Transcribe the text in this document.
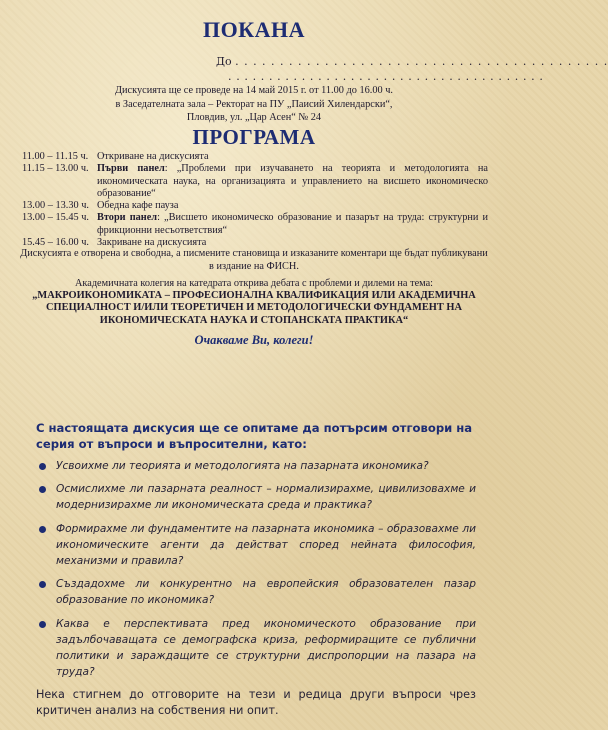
ПОКАНА
До . . . . . . . . . . . . . . . . . . . . . . . . . . . . . . . . . . . . . . . . . .
. . . . . . . . . . . . . . . . . . . . . . . . . . . . . . . . . . . . . . .
Дискусията ще се проведе на 14 май 2015 г. от 11.00 до 16.00 ч.
в Заседателната зала – Ректорат на ПУ „Паисий Хилендарски“,
Пловдив, ул. „Цар Асен“ № 24
ПРОГРАМА
11.00 – 11.15 ч. Откриване на дискусията
11.15 – 13.00 ч. Първи панел: „Проблеми при изучаването на теорията и методологията на икономическата наука, на организацията и управлението на висшето икономическо образование“
13.00 – 13.30 ч. Обедна кафе пауза
13.00 – 15.45 ч. Втори панел: „Висшето икономическо образование и пазарът на труда: структурни и фрикционни несъответствия“
15.45 – 16.00 ч. Закриване на дискусията
Дискусията е отворена и свободна, а писмените становища и изказаните коментари ще бъдат публикувани в издание на ФИСН.
Академичната колегия на катедрата открива дебата с проблеми и дилеми на тема:
„МАКРОИКОНОМИКАТА – ПРОФЕСИОНАЛНА КВАЛИФИКАЦИЯ ИЛИ АКАДЕМИЧНА СПЕЦИАЛНОСТ И/ИЛИ ТЕОРЕТИЧЕН И МЕТОДОЛОГИЧЕСКИ ФУНДАМЕНТ НА ИКОНОМИЧЕСКАТА НАУКА И СТОПАНСКАТА ПРАКТИКА“
Очакваме Ви, колеги!
С настоящата дискусия ще се опитаме да потърсим отговори на серия от въпроси и въпросителни, като:
Усвоихме ли теорията и методологията на пазарната икономика?
Осмислихме ли пазарната реалност – нормализирахме, цивилизовахме и модернизирахме ли икономическата среда и практика?
Формирахме ли фундаментите на пазарната икономика – образовахме ли икономическите агенти да действат според нейната философия, механизми и правила?
Създадохме ли конкурентно на европейския образователен пазар образование по икономика?
Каква е перспективата пред икономическото образование при задълбочаващата се демографска криза, реформиращите се публични политики и зараждащите се структурни диспропорции на пазара на труда?
Нека стигнем до отговорите на тези и редица други въпроси чрез критичен анализ на собствения ни опит.
